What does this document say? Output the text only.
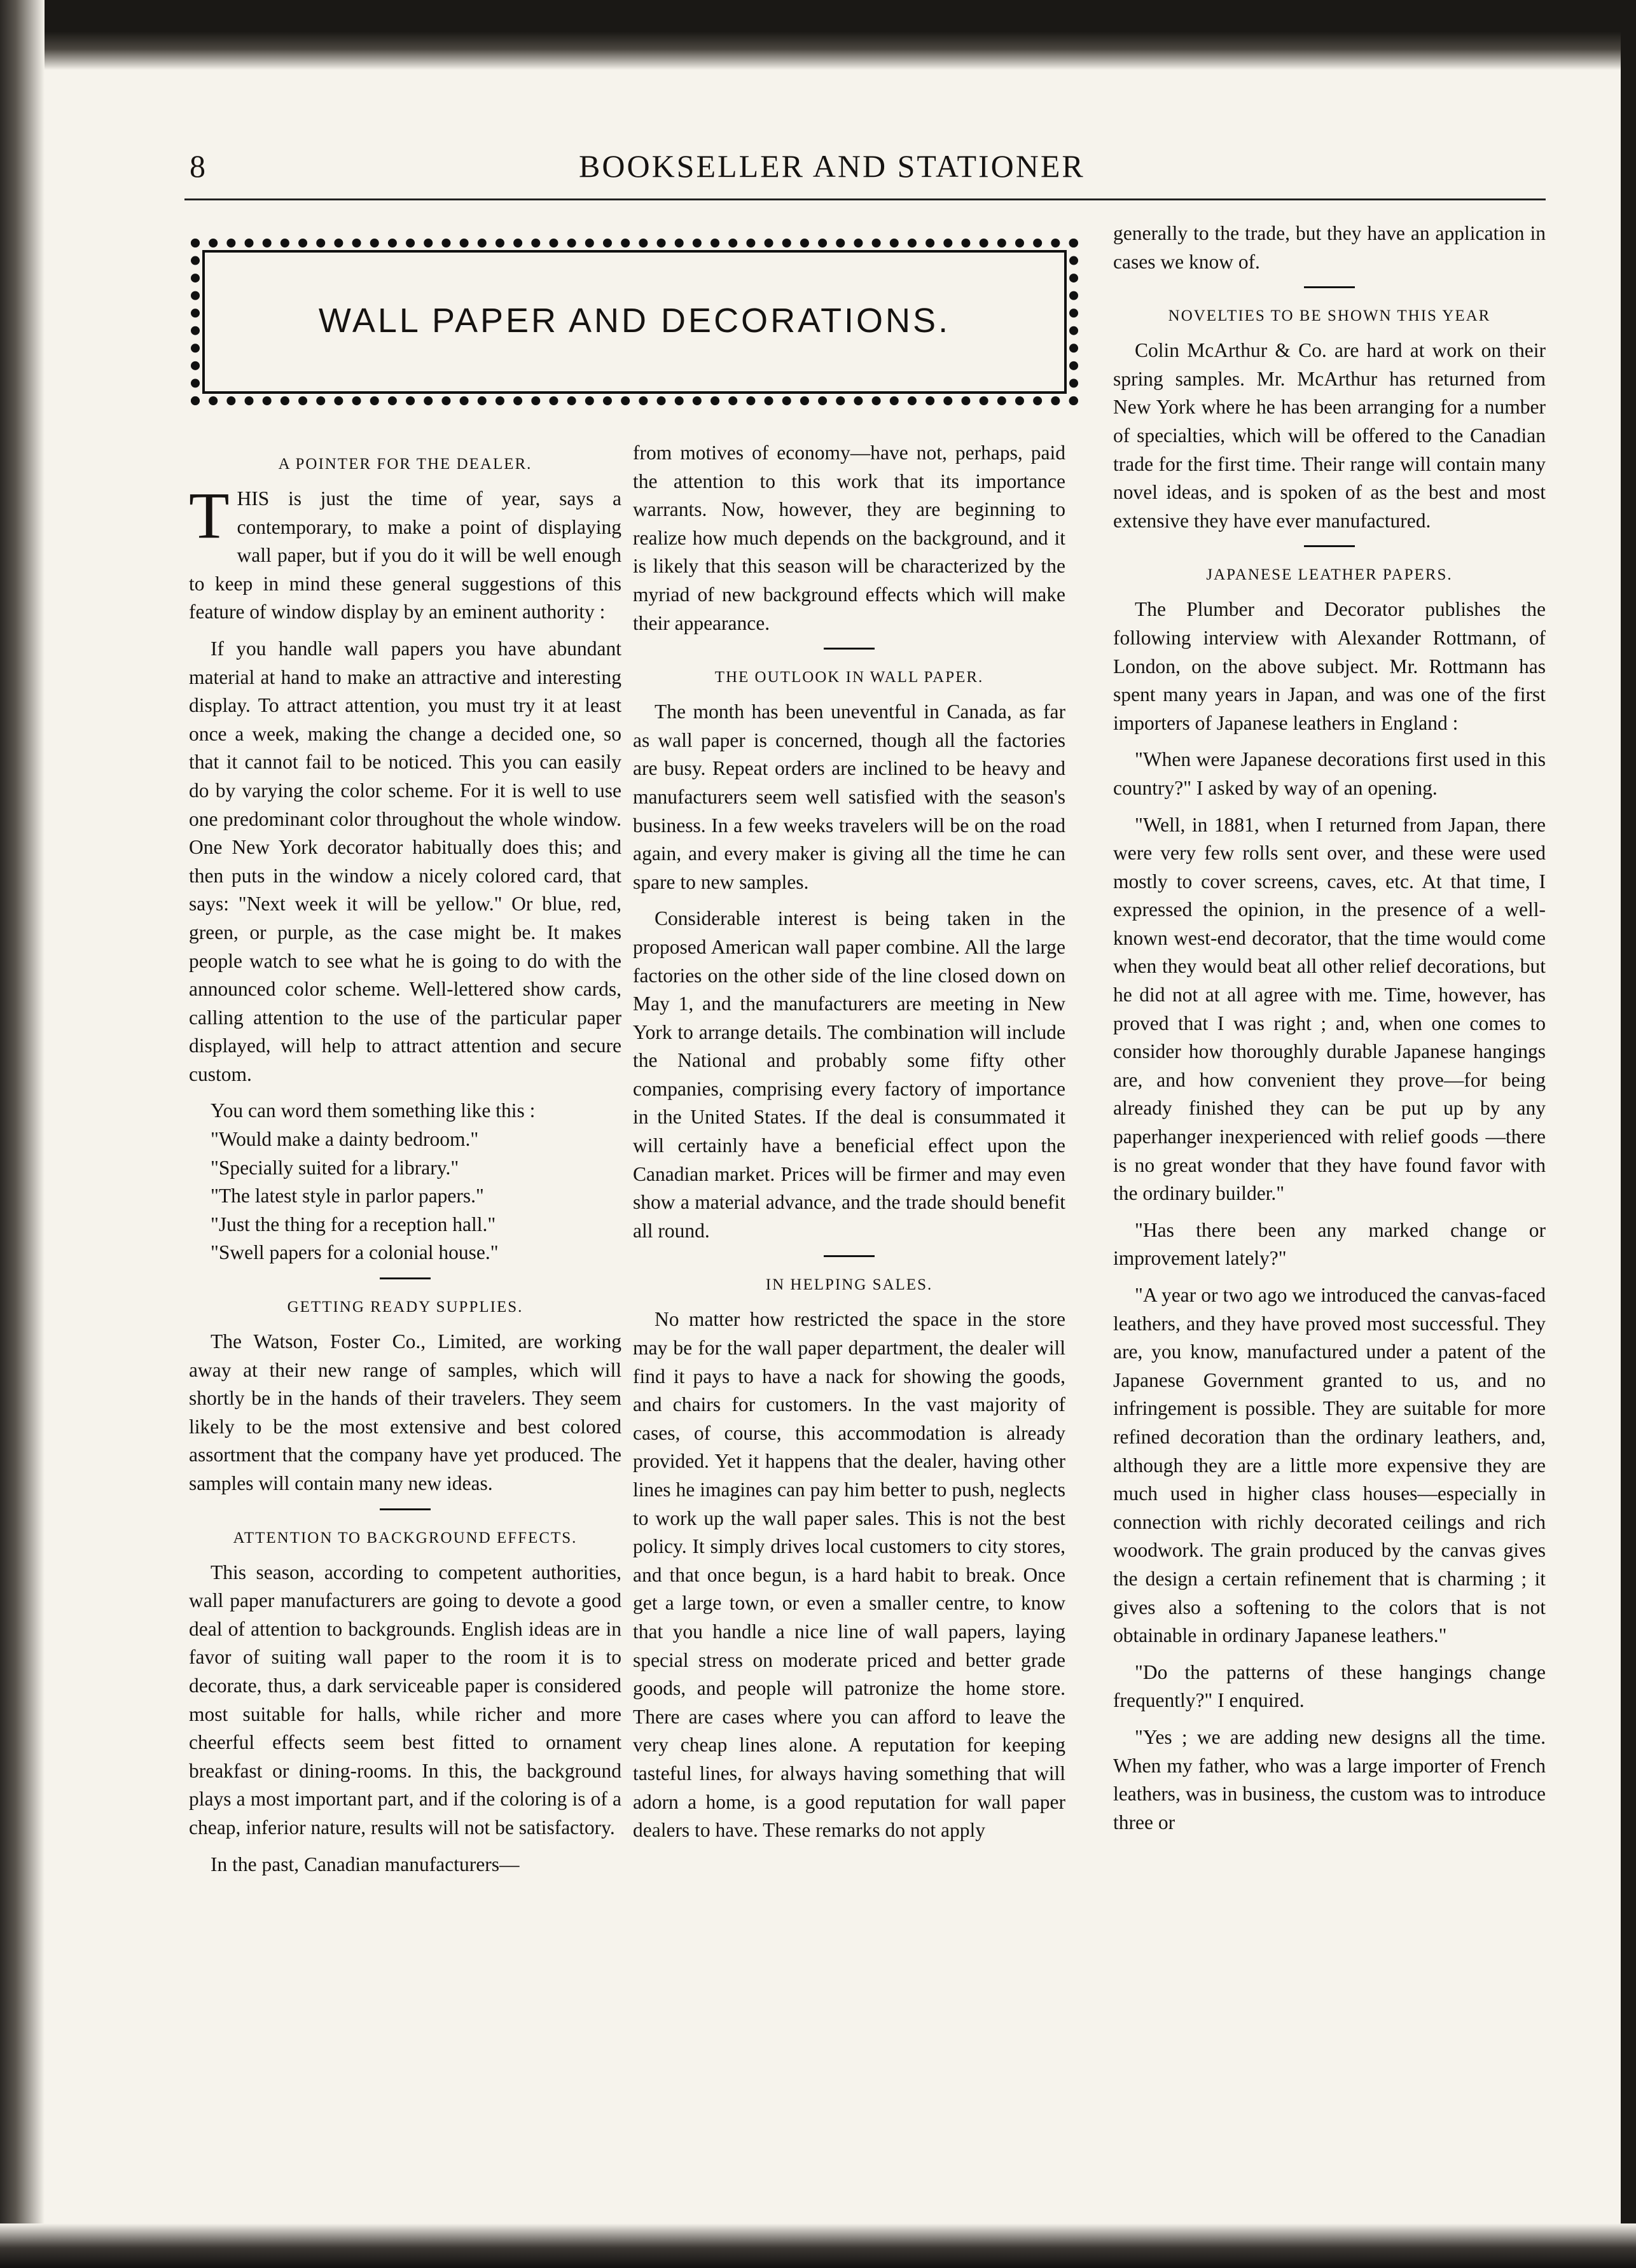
8	BOOKSELLER AND STATIONER
WALL PAPER AND DECORATIONS.
A POINTER FOR THE DEALER.

THIS is just the time of year, says a contemporary, to make a point of displaying wall paper, but if you do it will be well enough to keep in mind these general suggestions of this feature of window display by an eminent authority :

If you handle wall papers you have abundant material at hand to make an attractive and interesting display. To attract attention, you must try it at least once a week, making the change a decided one, so that it cannot fail to be noticed. This you can easily do by varying the color scheme. For it is well to use one predominant color throughout the whole window. One New York decorator habitually does this; and then puts in the window a nicely colored card, that says: "Next week it will be yellow." Or blue, red, green, or purple, as the case might be. It makes people watch to see what he is going to do with the announced color scheme. Well-lettered show cards, calling attention to the use of the particular paper displayed, will help to attract attention and secure custom.

You can word them something like this :

"Would make a dainty bedroom."
"Specially suited for a library."
"The latest style in parlor papers."
"Just the thing for a reception hall."
"Swell papers for a colonial house."
GETTING READY SUPPLIES.

The Watson, Foster Co., Limited, are working away at their new range of samples, which will shortly be in the hands of their travelers. They seem likely to be the most extensive and best colored assortment that the company have yet produced. The samples will contain many new ideas.

ATTENTION TO BACKGROUND EFFECTS.

This season, according to competent authorities, wall paper manufacturers are going to devote a good deal of attention to backgrounds. English ideas are in favor of suiting wall paper to the room it is to decorate, thus, a dark serviceable paper is considered most suitable for halls, while richer and more cheerful effects seem best fitted to ornament breakfast or dining-rooms. In this, the background plays a most important part, and if the coloring is of a cheap, inferior nature, results will not be satisfactory.

In the past, Canadian manufacturers—

from motives of economy—have not, perhaps, paid the attention to this work that its importance warrants. Now, however, they are beginning to realize how much depends on the background, and it is likely that this season will be characterized by the myriad of new background effects which will make their appearance.

THE OUTLOOK IN WALL PAPER.

The month has been uneventful in Canada, as far as wall paper is concerned, though all the factories are busy. Repeat orders are inclined to be heavy and manufacturers seem well satisfied with the season's business. In a few weeks travelers will be on the road again, and every maker is giving all the time he can spare to new samples.

Considerable interest is being taken in the proposed American wall paper combine. All the large factories on the other side of the line closed down on May 1, and the manufacturers are meeting in New York to arrange details. The combination will include the National and probably some fifty other companies, comprising every factory of importance in the United States. If the deal is consummated it will certainly have a beneficial effect upon the Canadian market. Prices will be firmer and may even show a material advance, and the trade should benefit all round.

IN HELPING SALES.

No matter how restricted the space in the store may be for the wall paper department, the dealer will find it pays to have a nack for showing the goods, and chairs for customers. In the vast majority of cases, of course, this accommodation is already provided. Yet it happens that the dealer, having other lines he imagines can pay him better to push, neglects to work up the wall paper sales. This is not the best policy. It simply drives local customers to city stores, and that once begun, is a hard habit to break. Once get a large town, or even a smaller centre, to know that you handle a nice line of wall papers, laying special stress on moderate priced and better grade goods, and people will patronize the home store. There are cases where you can afford to leave the very cheap lines alone. A reputation for keeping tasteful lines, for always having something that will adorn a home, is a good reputation for wall paper dealers to have. These remarks do not apply

generally to the trade, but they have an application in cases we know of.

NOVELTIES TO BE SHOWN THIS YEAR

Colin McArthur & Co. are hard at work on their spring samples. Mr. McArthur has returned from New York where he has been arranging for a number of specialties, which will be offered to the Canadian trade for the first time. Their range will contain many novel ideas, and is spoken of as the best and most extensive they have ever manufactured.

JAPANESE LEATHER PAPERS.

The Plumber and Decorator publishes the following interview with Alexander Rottmann, of London, on the above subject. Mr. Rottmann has spent many years in Japan, and was one of the first importers of Japanese leathers in England :

"When were Japanese decorations first used in this country?" I asked by way of an opening.

"Well, in 1881, when I returned from Japan, there were very few rolls sent over, and these were used mostly to cover screens, caves, etc. At that time, I expressed the opinion, in the presence of a well-known west-end decorator, that the time would come when they would beat all other relief decorations, but he did not at all agree with me. Time, however, has proved that I was right ; and, when one comes to consider how thoroughly durable Japanese hangings are, and how convenient they prove—for being already finished they can be put up by any paperhanger inexperienced with relief goods —there is no great wonder that they have found favor with the ordinary builder."

"Has there been any marked change or improvement lately?"

"A year or two ago we introduced the canvas-faced leathers, and they have proved most successful. They are, you know, manufactured under a patent of the Japanese Government granted to us, and no infringement is possible. They are suitable for more refined decoration than the ordinary leathers, and, although they are a little more expensive they are much used in higher class houses—especially in connection with richly decorated ceilings and rich woodwork. The grain produced by the canvas gives the design a certain refinement that is charming ; it gives also a softening to the colors that is not obtainable in ordinary Japanese leathers."

"Do the patterns of these hangings change frequently?" I enquired.

"Yes ; we are adding new designs all the time. When my father, who was a large importer of French leathers, was in business, the custom was to introduce three or
